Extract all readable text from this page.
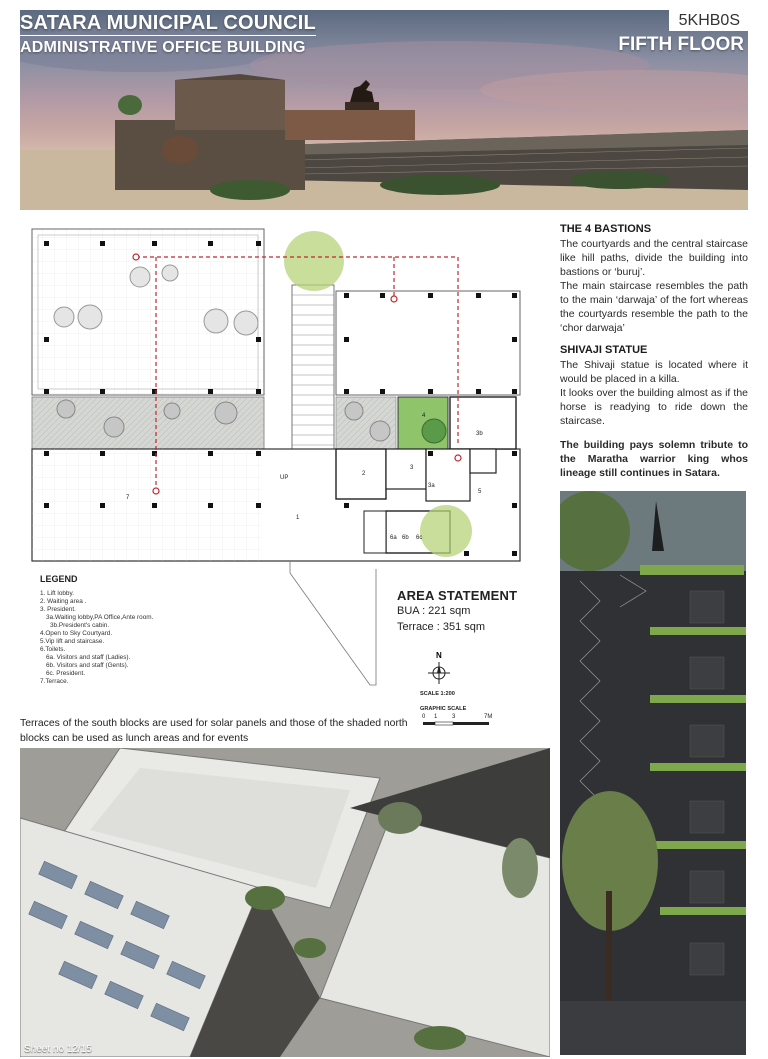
SATARA MUNICIPAL COUNCIL
ADMINISTRATIVE OFFICE BUILDING
5KHB0S
FIFTH FLOOR
1
2
3
3a
3b
4
5
6a 6b 6c
7
UP
THE 4 BASTIONS

The courtyards and the central staircase like hill paths, divide the building into bastions or ‘buruj’.

The main staircase resembles the path to the main ‘darwaja’ of the fort whereas the courtyards resemble the path to the ‘chor darwaja’

SHIVAJI STATUE

The Shivaji statue is located where it would be placed in a killa.

It looks over the building almost as if the horse is readying to ride down the staircase.

The building pays solemn tribute to the Maratha warrior king whos lineage still continues in Satara.

LEGEND
1. Lift lobby.
2. Waiting area .
3. President.
3a.Waiting lobby,PA Office,Ante room.
3b.President's cabin.
4.Open to Sky Courtyard.
5.Vip lift and staircase.
6.Toilets.
6a. Visitors and staff (Ladies).
6b. Visitors and staff (Gents).
6c. President.
7.Terrace.
AREA STATEMENT
BUA : 221 sqm
Terrace : 351 sqm
N
SCALE 1:200
GRAPHIC SCALE
0 1 3	7M
Terraces of the south blocks are used for solar panels and those of the shaded north blocks can be used as lunch areas and for events
Sheet no 12/15
